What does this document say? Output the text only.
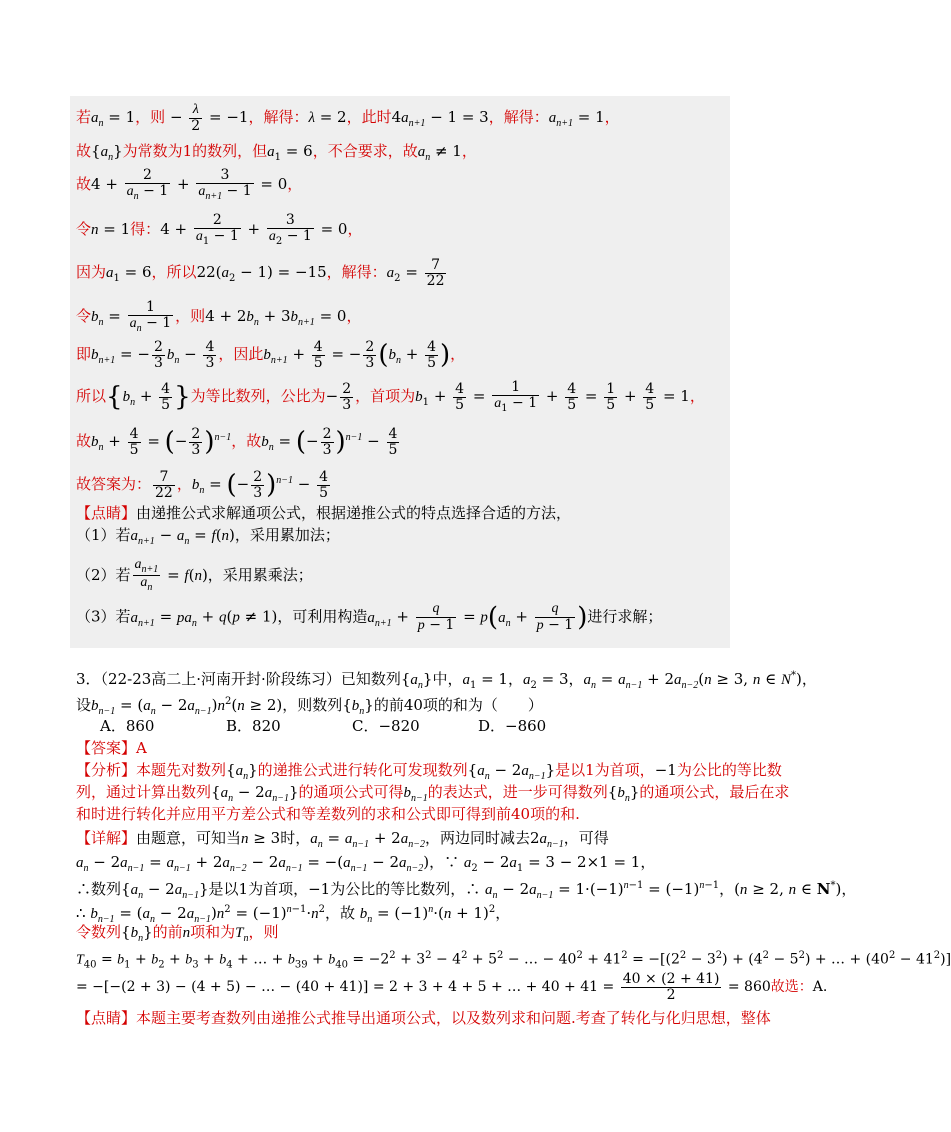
若$a_n = 1$，则 − $\frac{\lambda}{2} = -1$，解得：λ = 2，此时$4a_{n+1} - 1 = 3$，解得：$a_{n+1} = 1$，
故$\{a_n\}$为常数为1的数列，但$a_1 = 6$，不合要求，故$a_n \ne 1$，
故$4 + \frac{2}{a_n - 1} + \frac{3}{a_{n+1} - 1} = 0$，
令n = 1得：$4 + \frac{2}{a_1 - 1} + \frac{3}{a_2 - 1} = 0$，
因为$a_1 = 6$，所以$22(a_2 - 1) = -15$，解得：$a_2 = \frac{7}{22}$
令$b_n = \frac{1}{a_n - 1}$ ，则$4 + 2b_n + 3b_{n+1} = 0$，
即$b_{n+1}$ = − $\frac{2}{3} b_n - \frac{4}{3}$ ，因此$b_{n+1} + \frac{4}{5}$ = − $\frac{2}{3} (b_n + \frac{4}{5}$ )，
所以{$b_n + \frac{4}{5}$ }为等比数列，公比为− $\frac{2}{3}$ ，首项为$b_1 + \frac{4}{5} = \frac{1}{a_1 - 1} + \frac{4}{5} = \frac{1}{5} + \frac{4}{5} = 1$，
故$b_n + \frac{4}{5}$ = (− $\frac{2}{3} )^{n-1}$，故$b_n$ = (− $\frac{2}{3} )^{n-1} - \frac{4}{5}$
故答案为： $\frac{7}{22}$ ，$b_n$ = (− $\frac{2}{3} )^{n-1} - \frac{4}{5}$
【点睛】由递推公式求解通项公式，根据递推公式的特点选择合适的方法，
（1）若$a_{n+1} - a_n = f(n)$，采用累加法；
（2）若 $\frac{a_{n+1}}{a_n} = f(n)$，采用累乘法；
（3）若$a_{n+1} = pa_n + q(p \ne 1)$，可利用构造$a_{n+1} + \frac{q}{p - 1} = p(a_n + \frac{q}{p - 1}$ )进行求解；
3．（22-23高二上·河南开封·阶段练习）已知数列$\{a_n\}$中，$a_1 = 1$，$a_2 = 3$，$a_n = a_{n-1} + 2a_{n-2}(n \ge 3$, n ∈ N*)，
设$b_{n-1} = (a_n - 2a_{n-1})n^2(n \ge 2)$，则数列$\{b_n\}$的前40项的和为（　　）
A．860	B．820	C．−820	D．−860
【答案】A
【分析】本题先对数列$\{a_n\}$的递推公式进行转化可发现数列$\{a_n - 2a_{n-1}\}$是以1为首项，−1为公比的等比数
列，通过计算出数列$\{a_n - 2a_{n-1}\}$的通项公式可得$b_{n-1}$的表达式，进一步可得数列$\{b_n\}$的通项公式，最后在求
和时进行转化并应用平方差公式和等差数列的求和公式即可得到前40项的和.
【详解】由题意，可知当n ≥ 3时，$a_n = a_{n-1} + 2a_{n-2}$，两边同时减去$2a_{n-1}$，可得
$a_n - 2a_{n-1} = a_{n-1} + 2a_{n-2} - 2a_{n-1} = -(a_{n-1} - 2a_{n-2})$，∵ $a_2 - 2a_1 = 3 - 2\times 1 = 1$，
∴数列$\{a_n - 2a_{n-1}\}$是以1为首项，−1为公比的等比数列，∴ $a_n - 2a_{n-1} = 1\cdot(-1)^{n-1} = (-1)^{n-1}$，(n ≥ 2, n ∈ N*)，
∴ $b_{n-1} = (a_n - 2a_{n-1})n^2 = (-1)^{n-1}\cdot n^2$，故 $b_n = (-1)^n\cdot(n + 1)^2$，
令数列$\{b_n\}$的前n项和为$T_n$，则
$T_{40} = b_1 + b_2 + b_3 + b_4$ + … + $b_{39} + b_{40} = -2^2 + 3^2 - 4^2 + 5^2$ − … − $40^2 + 41^2 = -[(2^2 - 3^2) + (4^2 - 5^2)$ + … + $(40^2 - 41^2)$]
= −[−(2 + 3) − (4 + 5) − … − (40 + 41)] = 2 + 3 + 4 + 5 + … + $40 + 41 = \frac{40 \times (2 + 41)}{2} = 860$故选：A.
【点睛】本题主要考查数列由递推公式推导出通项公式，以及数列求和问题.考查了转化与化归思想，整体
